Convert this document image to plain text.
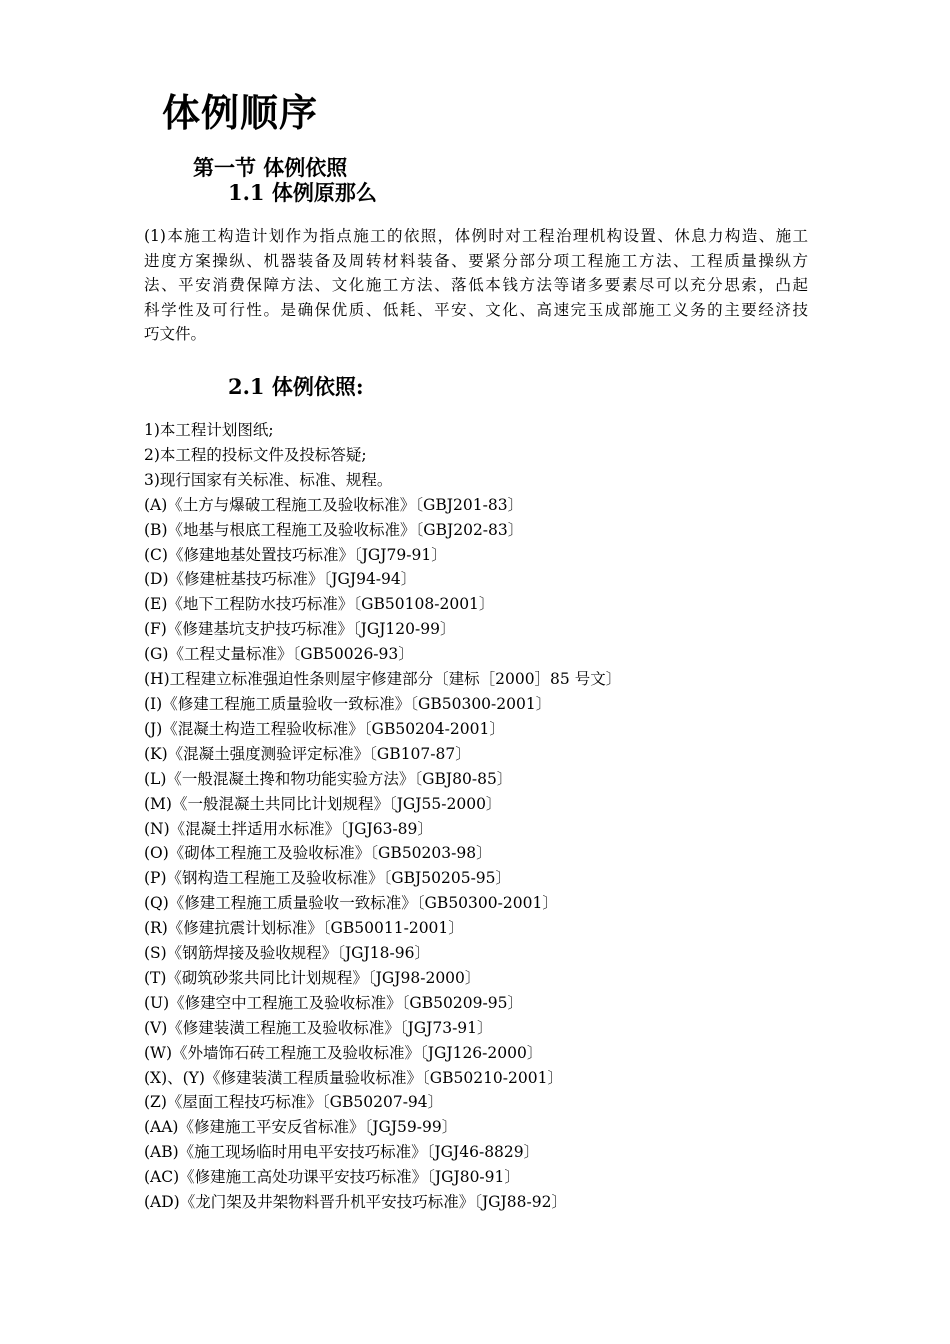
体例顺序
第一节 体例依照
1.1 体例原那么
(1)本施工构造计划作为指点施工的依照，体例时对工程治理机构设置、休息力构造、施工
进度方案操纵、机器装备及周转材料装备、要紧分部分项工程施工方法、工程质量操纵方
法、平安消费保障方法、文化施工方法、落低本钱方法等诸多要素尽可以充分思索，凸起
科学性及可行性。是确保优质、低耗、平安、文化、高速完玉成部施工义务的主要经济技
巧文件。
2.1 体例依照:
1)本工程计划图纸;
2)本工程的投标文件及投标答疑;
3)现行国家有关标准、标准、规程。
(A)《土方与爆破工程施工及验收标准》〔GBJ201-83〕
(B)《地基与根底工程施工及验收标准》〔GBJ202-83〕
(C)《修建地基处置技巧标准》〔JGJ79-91〕
(D)《修建桩基技巧标准》〔JGJ94-94〕
(E)《地下工程防水技巧标准》〔GB50108-2001〕
(F)《修建基坑支护技巧标准》〔JGJ120-99〕
(G)《工程丈量标准》〔GB50026-93〕
(H)工程建立标准强迫性条则屋宇修建部分〔建标［2000］85 号文〕
(I)《修建工程施工质量验收一致标准》〔GB50300-2001〕
(J)《混凝土构造工程验收标准》〔GB50204-2001〕
(K)《混凝土强度测验评定标准》〔GB107-87〕
(L)《一般混凝土搀和物功能实验方法》〔GBJ80-85〕
(M)《一般混凝土共同比计划规程》〔JGJ55-2000〕
(N)《混凝土拌适用水标准》〔JGJ63-89〕
(O)《砌体工程施工及验收标准》〔GB50203-98〕
(P)《钢构造工程施工及验收标准》〔GBJ50205-95〕
(Q)《修建工程施工质量验收一致标准》〔GB50300-2001〕
(R)《修建抗震计划标准》〔GB50011-2001〕
(S)《钢筋焊接及验收规程》〔JGJ18-96〕
(T)《砌筑砂浆共同比计划规程》〔JGJ98-2000〕
(U)《修建空中工程施工及验收标准》〔GB50209-95〕
(V)《修建装潢工程施工及验收标准》〔JGJ73-91〕
(W)《外墙饰石砖工程施工及验收标准》〔JGJ126-2000〕
(X)、(Y)《修建装潢工程质量验收标准》〔GB50210-2001〕
(Z)《屋面工程技巧标准》〔GB50207-94〕
(AA)《修建施工平安反省标准》〔JGJ59-99〕
(AB)《施工现场临时用电平安技巧标准》〔JGJ46-8829〕
(AC)《修建施工高处功课平安技巧标准》〔JGJ80-91〕
(AD)《龙门架及井架物料晋升机平安技巧标准》〔JGJ88-92〕
